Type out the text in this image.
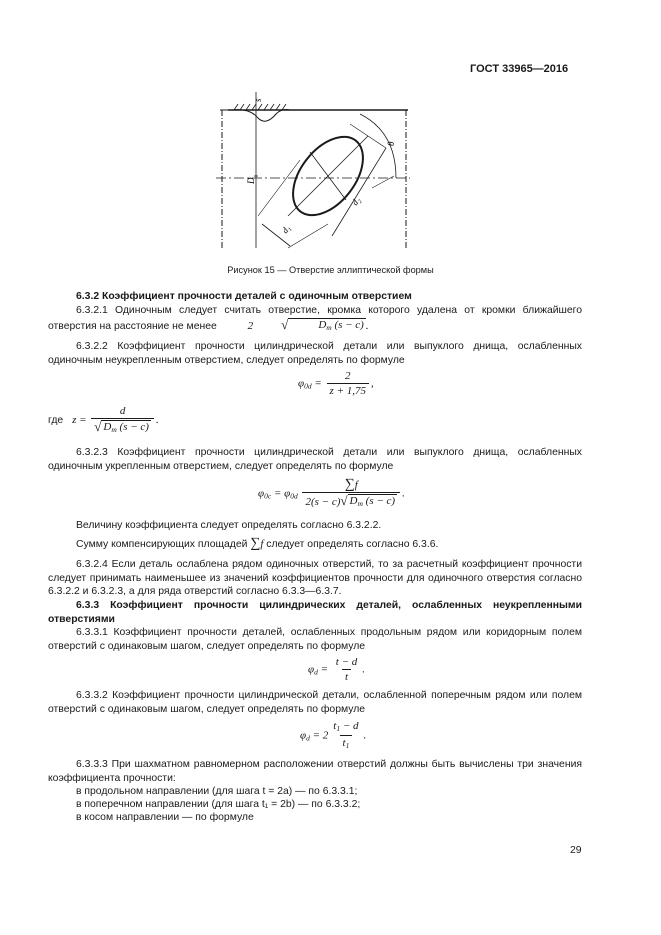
ГОСТ 33965—2016
s
D
d₁
d₂
θ
Рисунок 15 — Отверстие эллиптической формы
6.3.2 Коэффициент прочности деталей с одиночным отверстием
6.3.2.1 Одиночным следует считать отверстие, кромка которого удалена от кромки ближайшего отверстия на расстояние не менее	2	√	$D_m$ (s − c) .
6.3.2.2 Коэффициент прочности цилиндрической детали или выпуклого днища, ослабленных одиночным неукрепленным отверстием, следует определять по формуле
$\varphi_{0d} = \frac{2}{z + 1,75}$ ,
где $z = \frac{d}{√ D_m (s - c)}$ .
6.3.2.3 Коэффициент прочности цилиндрической детали или выпуклого днища, ослабленных одиночным укрепленным отверстием, следует определять по формуле
$\varphi_{0c} = \varphi_{0d} \frac{\sum f}{2(s - c) √ D_m (s - c)}$ .
Величину коэффициента следует определять согласно 6.3.2.2.
Сумму компенсирующих площадей ∑f следует определять согласно 6.3.6.
6.3.2.4 Если деталь ослаблена рядом одиночных отверстий, то за расчетный коэффициент прочности следует принимать наименьшее из значений коэффициентов прочности для одиночного отверстия согласно 6.3.2.2 и 6.3.2.3, а для ряда отверстий согласно 6.3.3—6.3.7.
6.3.3 Коэффициент прочности цилиндрических деталей, ослабленных неукрепленными отверстиями
6.3.3.1 Коэффициент прочности деталей, ослабленных продольным рядом или коридорным полем отверстий с одинаковым шагом, следует определять по формуле
$\varphi_d = \frac{t - d}{t}$ .
6.3.3.2 Коэффициент прочности цилиндрической детали, ослабленной поперечным рядом или полем отверстий с одинаковым шагом, следует определять по формуле
$\varphi_d = 2 \frac{t_1 - d}{t_1}$ .
6.3.3.3 При шахматном равномерном расположении отверстий должны быть вычислены три значения коэффициента прочности:
в продольном направлении (для шага t = 2a) — по 6.3.3.1;
в поперечном направлении (для шага t₁ = 2b) — по 6.3.3.2;
в косом направлении — по формуле
29
